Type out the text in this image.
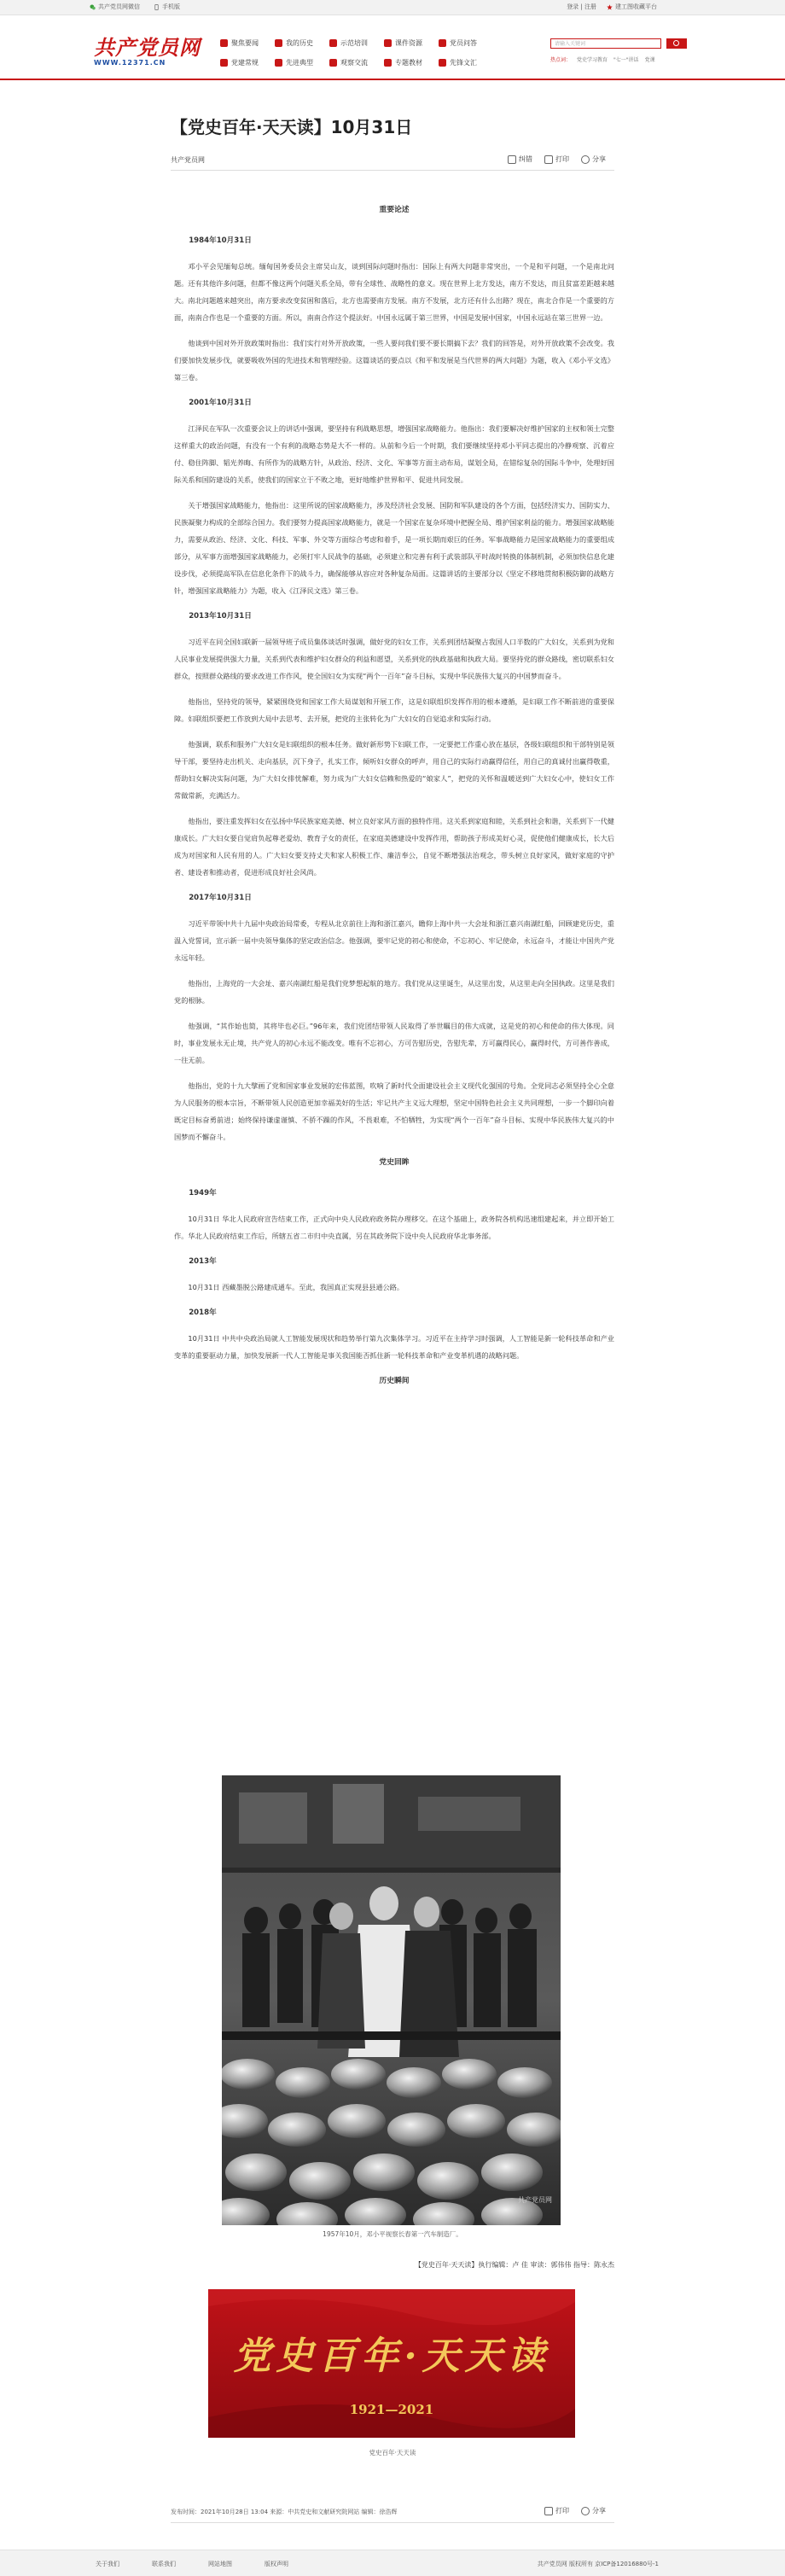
共产党员网微信	手机版	登录 | 注册	建工图收藏平台
共产党员网
WWW.12371.CN
聚焦要闻	我的历史	示范培训	课件资源	党员问答
党建常规	先进典型	观察交流	专题教材	先锋文汇
请输入关键词
热点词： 党史学习教育 "七一"讲话 党课
【党史百年·天天读】10月31日
共产党员网	纠错	打印	分享
重要论述
1984年10月31日

邓小平会见缅甸总统。缅甸国务委员会主席吴山友，谈到国际问题时指出：国际上有两大问题非常突出，一个是和平问题，一个是南北问题。还有其他许多问题，但都不像这两个问题关系全局，带有全球性、战略性的意义。现在世界上北方发达，南方不发达，而且贫富差距越来越大。南北问题越来越突出，南方要求改变贫困和落后，北方也需要南方发展。南方不发展，北方还有什么出路？现在，南北合作是一个重要的方面，南南合作也是一个重要的方面。所以，南南合作这个提法好。中国永远属于第三世界，中国是发展中国家，中国永远站在第三世界一边。

他谈到中国对外开放政策时指出：我们实行对外开放政策，一些人要问我们要不要长期搞下去？我们的回答是，对外开放政策不会改变。我们要加快发展步伐，就要吸收外国的先进技术和管理经验。这篇谈话的要点以《和平和发展是当代世界的两大问题》为题，收入《邓小平文选》第三卷。

2001年10月31日

江泽民在军队一次重要会议上的讲话中强调，要坚持有利战略思想，增强国家战略能力。他指出：我们要解决好维护国家的主权和领土完整这样重大的政治问题，有没有一个有利的战略态势是大不一样的。从前和今后一个时期，我们要继续坚持邓小平同志提出的冷静观察、沉着应付、稳住阵脚、韬光养晦、有所作为的战略方针，从政治、经济、文化、军事等方面主动布局，谋划全局，在错综复杂的国际斗争中，处理好国际关系和国防建设的关系，使我们的国家立于不败之地，更好地维护世界和平、促进共同发展。

关于增强国家战略能力，他指出：这里所说的国家战略能力，涉及经济社会发展、国防和军队建设的各个方面，包括经济实力、国防实力、民族凝聚力构成的全部综合国力。我们要努力提高国家战略能力，就是一个国家在复杂环境中把握全局、维护国家利益的能力。增强国家战略能力，需要从政治、经济、文化、科技、军事、外交等方面综合考虑和着手，是一项长期而艰巨的任务。军事战略能力是国家战略能力的重要组成部分，从军事方面增强国家战略能力，必须打牢人民战争的基础，必须建立和完善有利于武装部队平时战时转换的体制机制，必须加快信息化建设步伐，必须提高军队在信息化条件下的战斗力，确保能够从容应对各种复杂局面。这篇讲话的主要部分以《坚定不移地贯彻积极防御的战略方针，增强国家战略能力》为题，收入《江泽民文选》第三卷。

2013年10月31日

习近平在同全国妇联新一届领导班子成员集体谈话时强调，做好党的妇女工作，关系到团结凝聚占我国人口半数的广大妇女，关系到为党和人民事业发展提供强大力量，关系到代表和维护妇女群众的利益和愿望，关系到党的执政基础和执政大局。要坚持党的群众路线，密切联系妇女群众，按照群众路线的要求改进工作作风，使全国妇女为实现“两个一百年”奋斗目标，实现中华民族伟大复兴的中国梦而奋斗。

他指出，坚持党的领导，紧紧围绕党和国家工作大局谋划和开展工作，这是妇联组织发挥作用的根本遵循，是妇联工作不断前进的重要保障。妇联组织要把工作放到大局中去思考、去开展，把党的主张转化为广大妇女的自觉追求和实际行动。

他强调，联系和服务广大妇女是妇联组织的根本任务。做好新形势下妇联工作，一定要把工作重心放在基层，各级妇联组织和干部特别是领导干部，要坚持走出机关、走向基层，沉下身子，扎实工作，倾听妇女群众的呼声，用自己的实际行动赢得信任，用自己的真诚付出赢得敬重，帮助妇女解决实际问题，为广大妇女排忧解难，努力成为广大妇女信赖和热爱的“娘家人”，把党的关怀和温暖送到广大妇女心中，使妇女工作常做常新，充满活力。

他指出，要注重发挥妇女在弘扬中华民族家庭美德、树立良好家风方面的独特作用。这关系到家庭和睦，关系到社会和谐，关系到下一代健康成长。广大妇女要自觉肩负起尊老爱幼、教育子女的责任，在家庭美德建设中发挥作用，帮助孩子形成美好心灵，促使他们健康成长，长大后成为对国家和人民有用的人。广大妇女要支持丈夫和家人积极工作、廉洁奉公，自觉不断增强法治观念，带头树立良好家风，做好家庭的守护者、建设者和推动者，促进形成良好社会风尚。

2017年10月31日

习近平带领中共十九届中央政治局常委，专程从北京前往上海和浙江嘉兴，瞻仰上海中共一大会址和浙江嘉兴南湖红船，回顾建党历史，重温入党誓词，宣示新一届中央领导集体的坚定政治信念。他强调，要牢记党的初心和使命，不忘初心、牢记使命，永远奋斗，才能让中国共产党永远年轻。

他指出，上海党的一大会址、嘉兴南湖红船是我们党梦想起航的地方。我们党从这里诞生，从这里出发，从这里走向全国执政。这里是我们党的根脉。

他强调，“其作始也简，其将毕也必巨。”96年来，我们党团结带领人民取得了举世瞩目的伟大成就，这是党的初心和使命的伟大体现。同时，事业发展永无止境，共产党人的初心永远不能改变。唯有不忘初心，方可告慰历史，告慰先辈，方可赢得民心，赢得时代，方可善作善成，一往无前。

他指出，党的十九大擘画了党和国家事业发展的宏伟蓝图，吹响了新时代全面建设社会主义现代化强国的号角。全党同志必须坚持全心全意为人民服务的根本宗旨，不断带领人民创造更加幸福美好的生活；牢记共产主义远大理想，坚定中国特色社会主义共同理想，一步一个脚印向着既定目标奋勇前进；始终保持谦虚谨慎、不骄不躁的作风，不畏艰难，不怕牺牲，为实现“两个一百年”奋斗目标、实现中华民族伟大复兴的中国梦而不懈奋斗。

党史回眸
1949年

10月31日 华北人民政府宣告结束工作，正式向中央人民政府政务院办理移交。在这个基础上，政务院各机构迅速组建起来，并立即开始工作。华北人民政府结束工作后，所辖五省二市归中央直属，另在其政务院下设中央人民政府华北事务部。

2013年

10月31日 西藏墨脱公路建成通车。至此，我国真正实现县县通公路。

2018年

10月31日 中共中央政治局就人工智能发展现状和趋势举行第九次集体学习。习近平在主持学习时强调，人工智能是新一轮科技革命和产业变革的重要驱动力量，加快发展新一代人工智能是事关我国能否抓住新一轮科技革命和产业变革机遇的战略问题。

历史瞬间
共产党员网
1957年10月，邓小平视察长春第一汽车制造厂。
【党史百年·天天读】执行编辑：卢 佳 审读：郭伟伟 指导：陈永杰
党史百年·天天读
1921—2021
党史百年·天天读
发布时间：2021年10月28日 13:04 来源：中共党史和文献研究院网站 编辑：徐浩辉	打印	分享
关于我们	联系我们	网站地图	版权声明	共产党员网 版权所有 京ICP备12016880号-1
